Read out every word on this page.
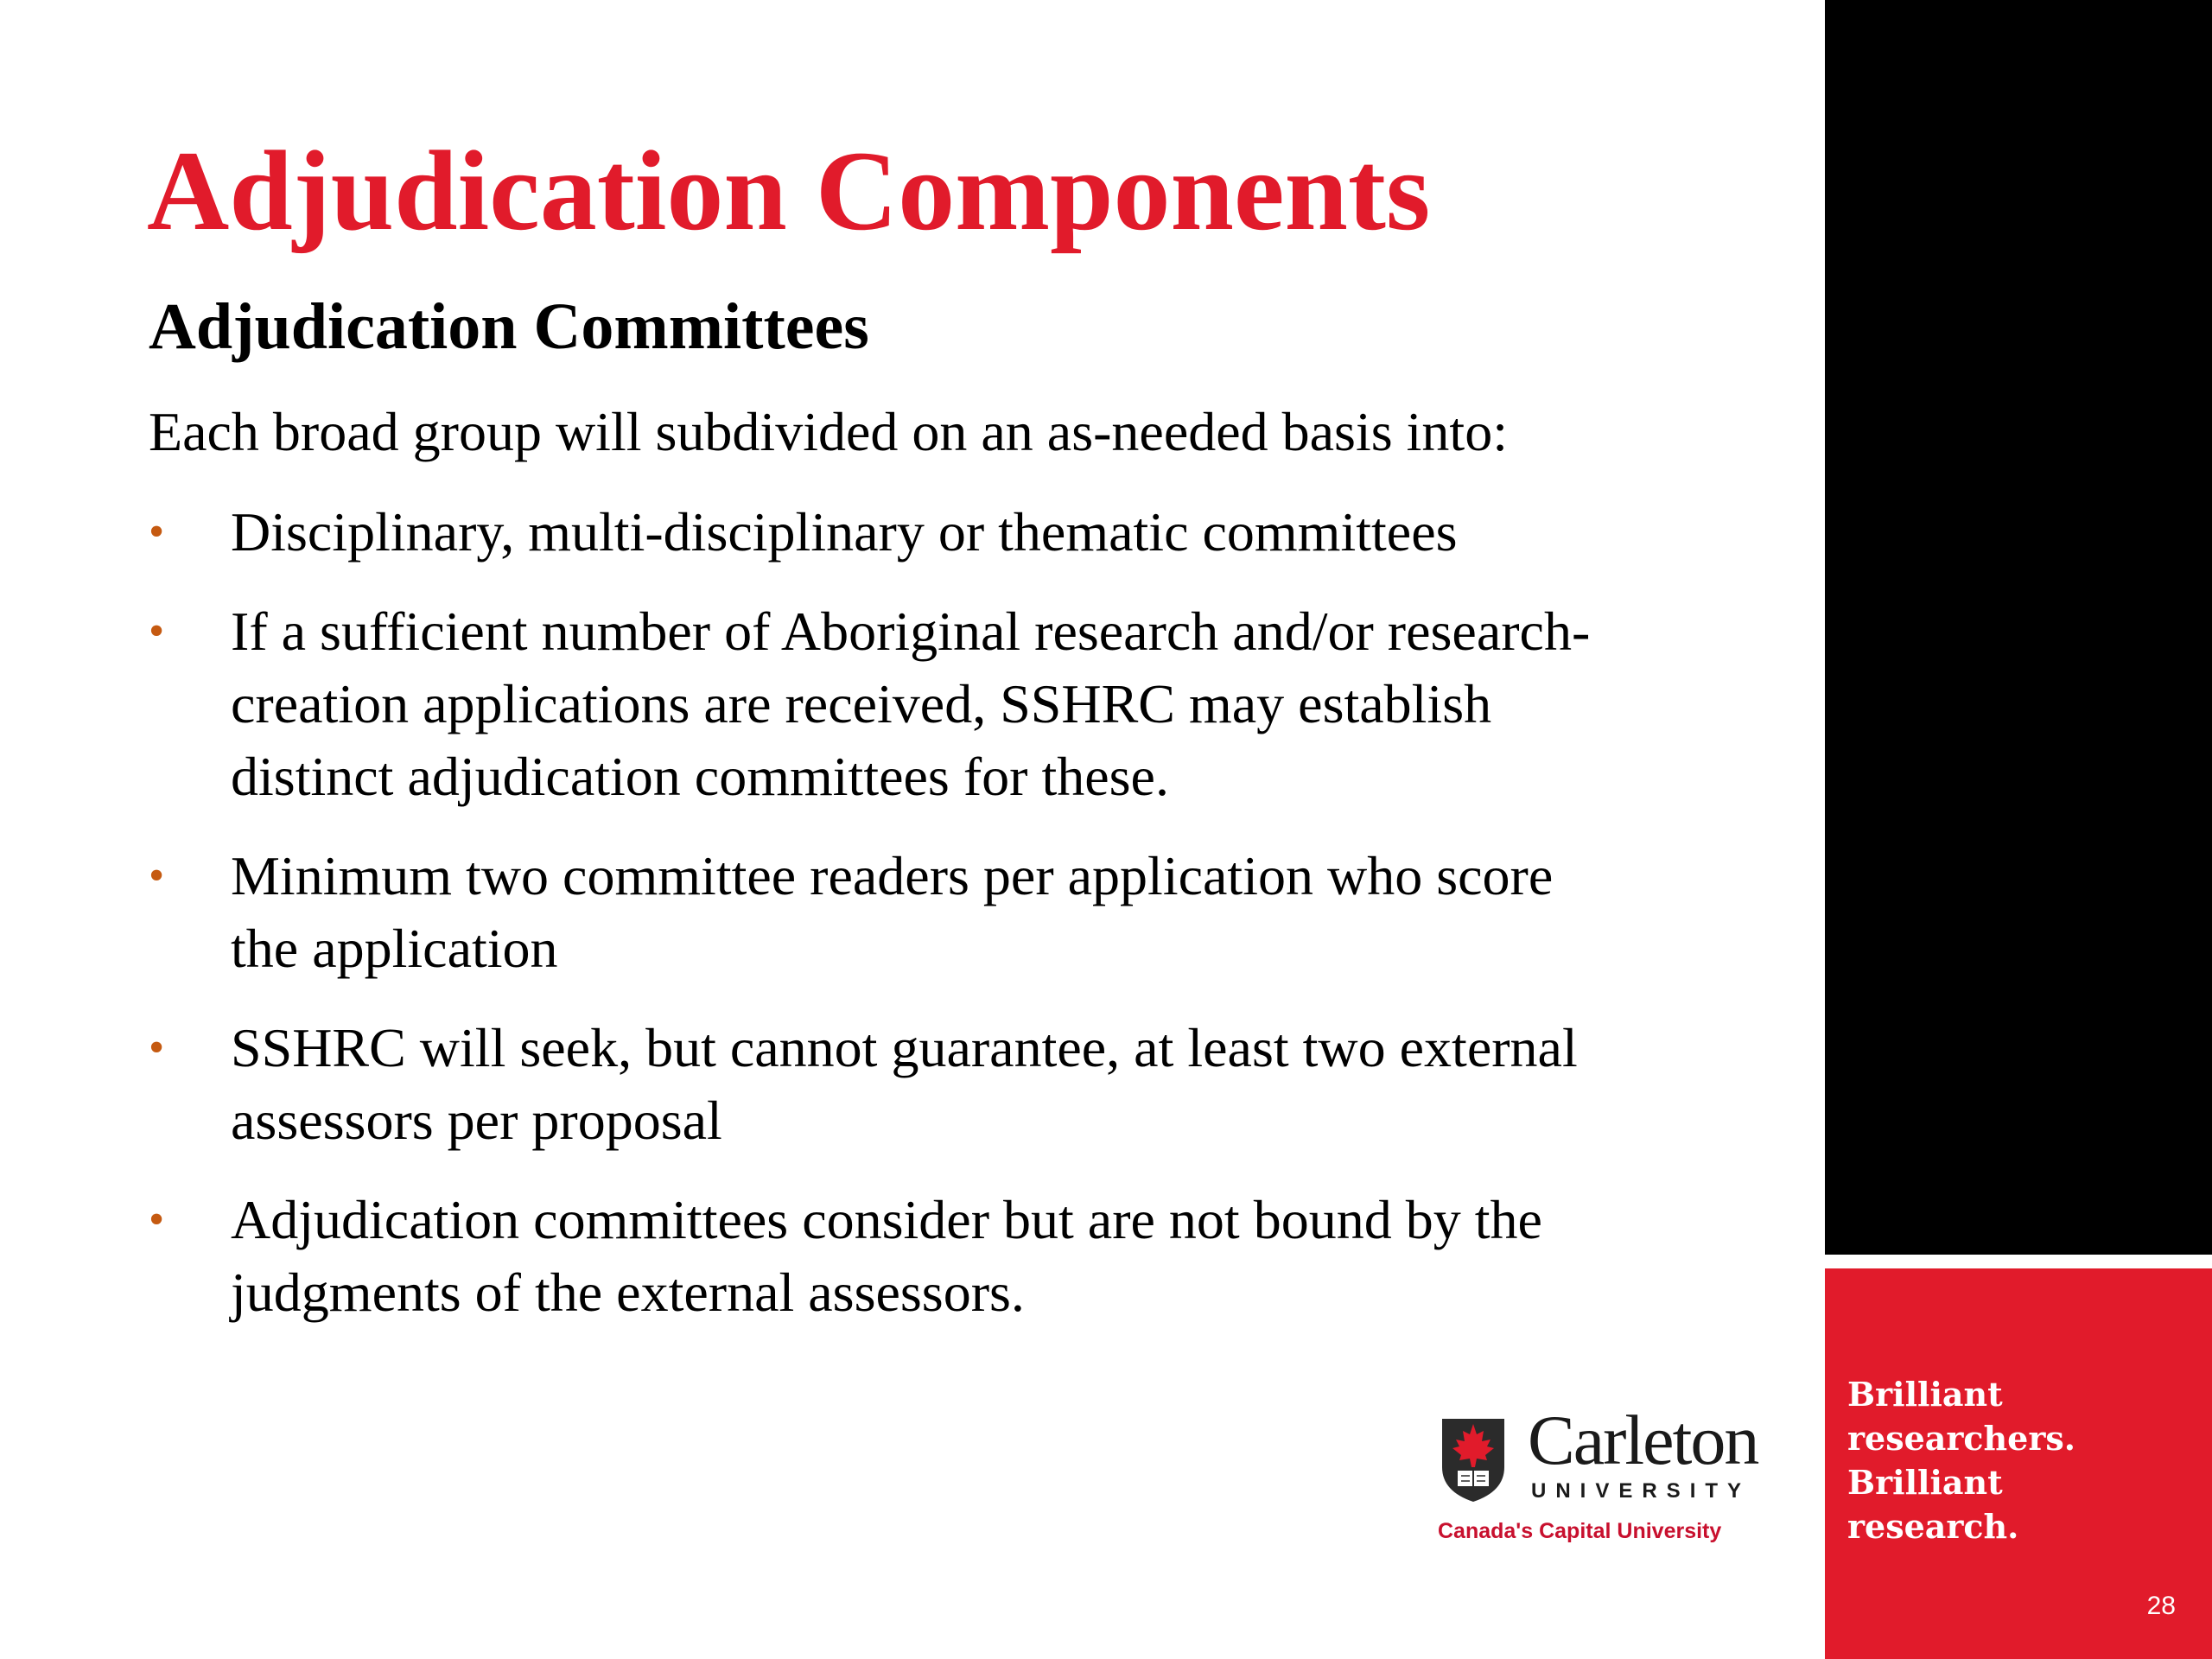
Brilliant
researchers.
Brilliant
research.
28
Adjudication Components
Adjudication Committees

Each broad group will subdivided on an as-needed basis into:

• Disciplinary, multi-disciplinary or thematic committees
• If a sufficient number of Aboriginal research and/or research-
creation applications are received, SSHRC may establish
distinct adjudication committees for these.
• Minimum two committee readers per application who score
the application
• SSHRC will seek, but cannot guarantee, at least two external
assessors per proposal
• Adjudication committees consider but are not bound by the
judgments of the external assessors.
Carleton
UNIVERSITY
Canada's Capital University
